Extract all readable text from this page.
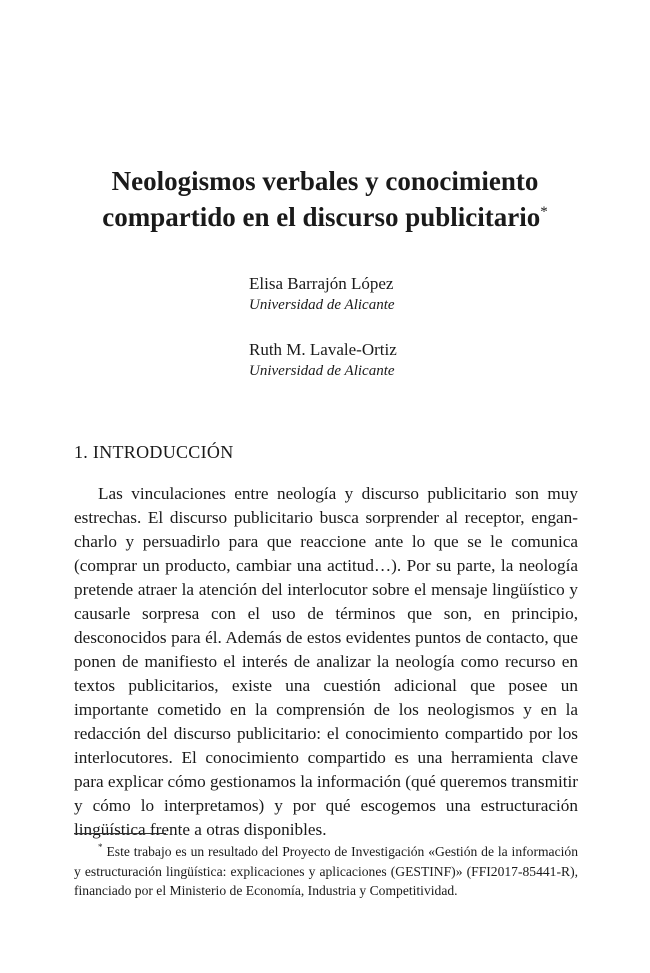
Neologismos verbales y conocimiento
compartido en el discurso publicitario*
Elisa Barrajón López
Universidad de Alicante
Ruth M. Lavale-Ortiz
Universidad de Alicante
1. INTRODUCCIÓN

Las vinculaciones entre neología y discurso publicitario son muy estrechas. El discurso publicitario busca sorprender al receptor, engancharlo y persuadirlo para que reaccione ante lo que se le comunica (comprar un producto, cambiar una actitud…). Por su parte, la neología pretende atraer la atención del interlocutor sobre el mensaje lingüístico y causarle sorpresa con el uso de términos que son, en principio, desconocidos para él. Además de estos evidentes puntos de contacto, que ponen de manifiesto el interés de analizar la neología como recurso en textos publicitarios, existe una cuestión adicional que posee un importante cometido en la comprensión de los neologismos y en la redacción del discurso publicitario: el conocimiento compartido por los interlocutores. El conocimiento compartido es una herramienta clave para explicar cómo gestionamos la información (qué queremos transmitir y cómo lo interpretamos) y por qué escogemos una estructuración lingüística frente a otras disponibles.

* Este trabajo es un resultado del Proyecto de Investigación «Gestión de la información y estructuración lingüística: explicaciones y aplicaciones (GESTINF)» (FFI2017-85441-R), financiado por el Ministerio de Economía, Industria y Competitividad.
